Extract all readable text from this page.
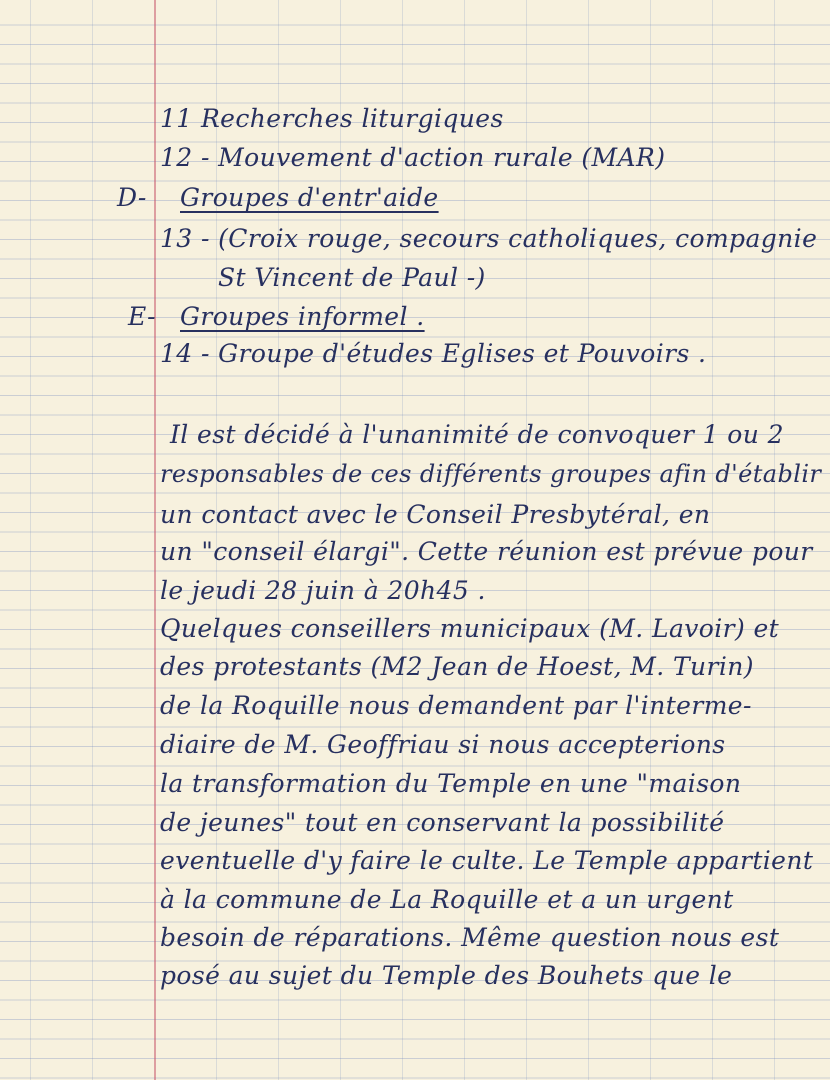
11 Recherches liturgiques
12 - Mouvement d'action rurale (MAR)
D- Groupes d'entr'aide
13 - (Croix rouge, secours catholiques, compagnie
St Vincent de Paul -)
E- Groupes informel .
14 - Groupe d'études Eglises et Pouvoirs .
Il est décidé à l'unanimité de convoquer 1 ou 2
responsables de ces différents groupes afin d'établir
un contact avec le Conseil Presbytéral, en
un "conseil élargi". Cette réunion est prévue pour
le jeudi 28 juin à 20h45 .
Quelques conseillers municipaux (M. Lavoir) et
des protestants (M2 Jean de Hoest, M. Turin)
de la Roquille nous demandent par l'interme-
diaire de M. Geoffriau si nous accepterions
la transformation du Temple en une "maison
de jeunes" tout en conservant la possibilité
eventuelle d'y faire le culte. Le Temple appartient
à la commune de La Roquille et a un urgent
besoin de réparations. Même question nous est
posé au sujet du Temple des Bouhets que le
